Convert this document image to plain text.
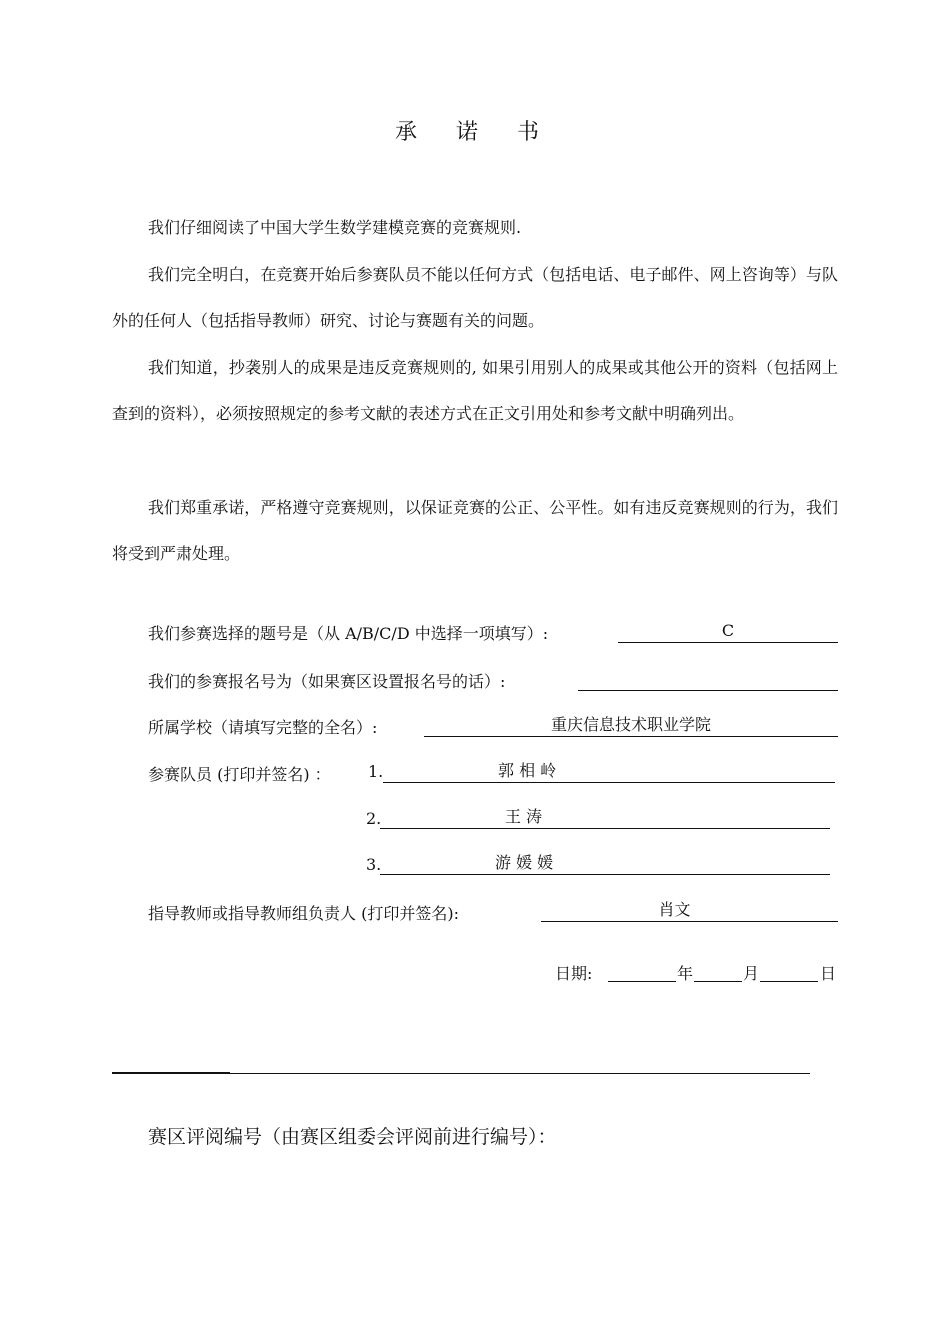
承 诺 书
我们仔细阅读了中国大学生数学建模竞赛的竞赛规则.
我们完全明白，在竞赛开始后参赛队员不能以任何方式（包括电话、电子邮件、网上咨询等）与队外的任何人（包括指导教师）研究、讨论与赛题有关的问题。
我们知道，抄袭别人的成果是违反竞赛规则的, 如果引用别人的成果或其他公开的资料（包括网上查到的资料），必须按照规定的参考文献的表述方式在正文引用处和参考文献中明确列出。
我们郑重承诺，严格遵守竞赛规则，以保证竞赛的公正、公平性。如有违反竞赛规则的行为，我们将受到严肃处理。
我们参赛选择的题号是（从 A/B/C/D 中选择一项填写）:	C
我们的参赛报名号为（如果赛区设置报名号的话）:
所属学校（请填写完整的全名）:	重庆信息技术职业学院
参赛队员 (打印并签名) ： 1.	郭 相 岭
2.	王 涛
3.	游 媛 媛
指导教师或指导教师组负责人 (打印并签名):	肖文
日期:	年	月	日
赛区评阅编号（由赛区组委会评阅前进行编号）：
